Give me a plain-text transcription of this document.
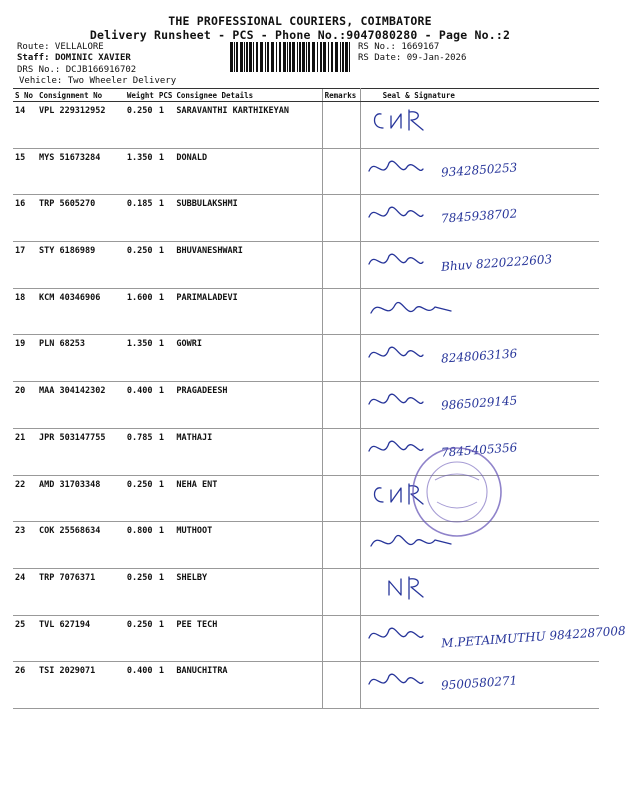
THE PROFESSIONAL COURIERS, COIMBATORE
Delivery Runsheet - PCS - Phone No.:9047080280 - Page No.:2
Route: VELLALORE
Staff: DOMINIC XAVIER
DRS No.: DCJB166916702
Vehicle: Two Wheeler Delivery
RS No.: 1669167
RS Date: 09-Jan-2026
S No	Consignment No	Weight	PCS	Consignee Details	Remarks	Seal & Signature
14	VPL 229312952	0.250	1	SARAVANTHI KARTHIKEYAN		

15	MYS 51673284	1.350	1	DONALD		9342850253

16	TRP 5605270	0.185	1	SUBBULAKSHMI		7845938702

17	STY 6186989	0.250	1	BHUVANESHWARI		Bhuv 8220222603

18	KCM 40346906	1.600	1	PARIMALADEVI		

19	PLN 68253	1.350	1	GOWRI		8248063136

20	MAA 304142302	0.400	1	PRAGADEESH		9865029145

21	JPR 503147755	0.785	1	MATHAJI		7845405356

22	AMD 31703348	0.250	1	NEHA ENT		

23	COK 25568634	0.800	1	MUTHOOT		

24	TRP 7076371	0.250	1	SHELBY		

25	TVL 627194	0.250	1	PEE TECH		M.PETAIMUTHU 9842287008

26	TSI 2029071	0.400	1	BANUCHITRA		9500580271
